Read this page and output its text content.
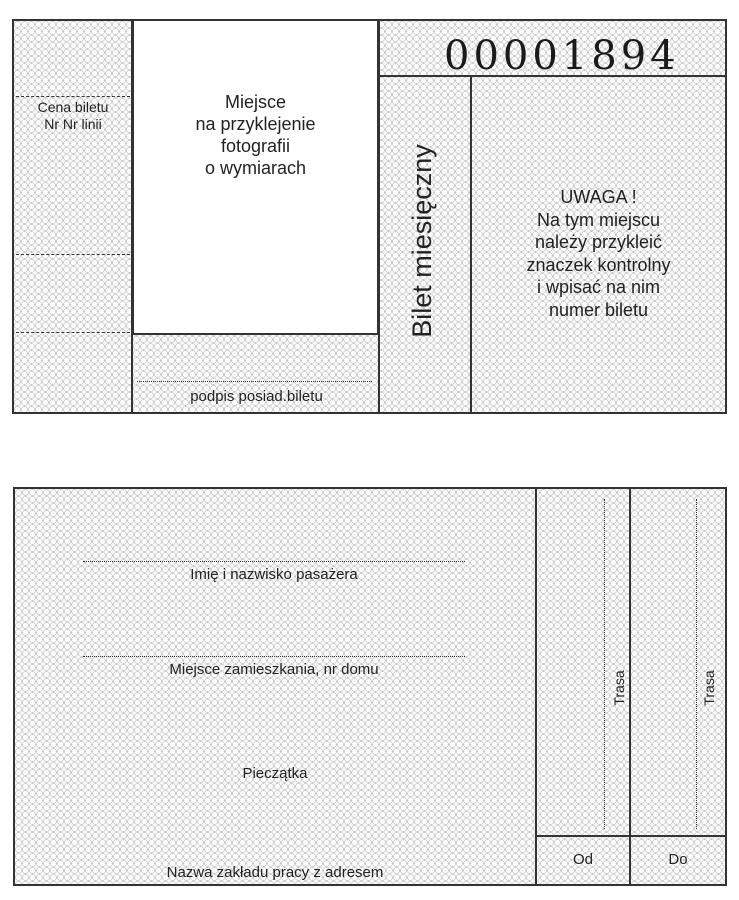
Cena biletu
Nr Nr linii
Miejsce
na przyklejenie
fotografii
o wymiarach
podpis posiad.biletu
00001894
Bilet miesięczny	UWAGA !
Na tym miejscu
należy przykleić
znaczek kontrolny
i wpisać na nim
numer biletu
Imię i nazwisko pasażera
Miejsce zamieszkania, nr domu
Pieczątka
Nazwa zakładu pracy z adresem
Trasa	Trasa
Od	Do
